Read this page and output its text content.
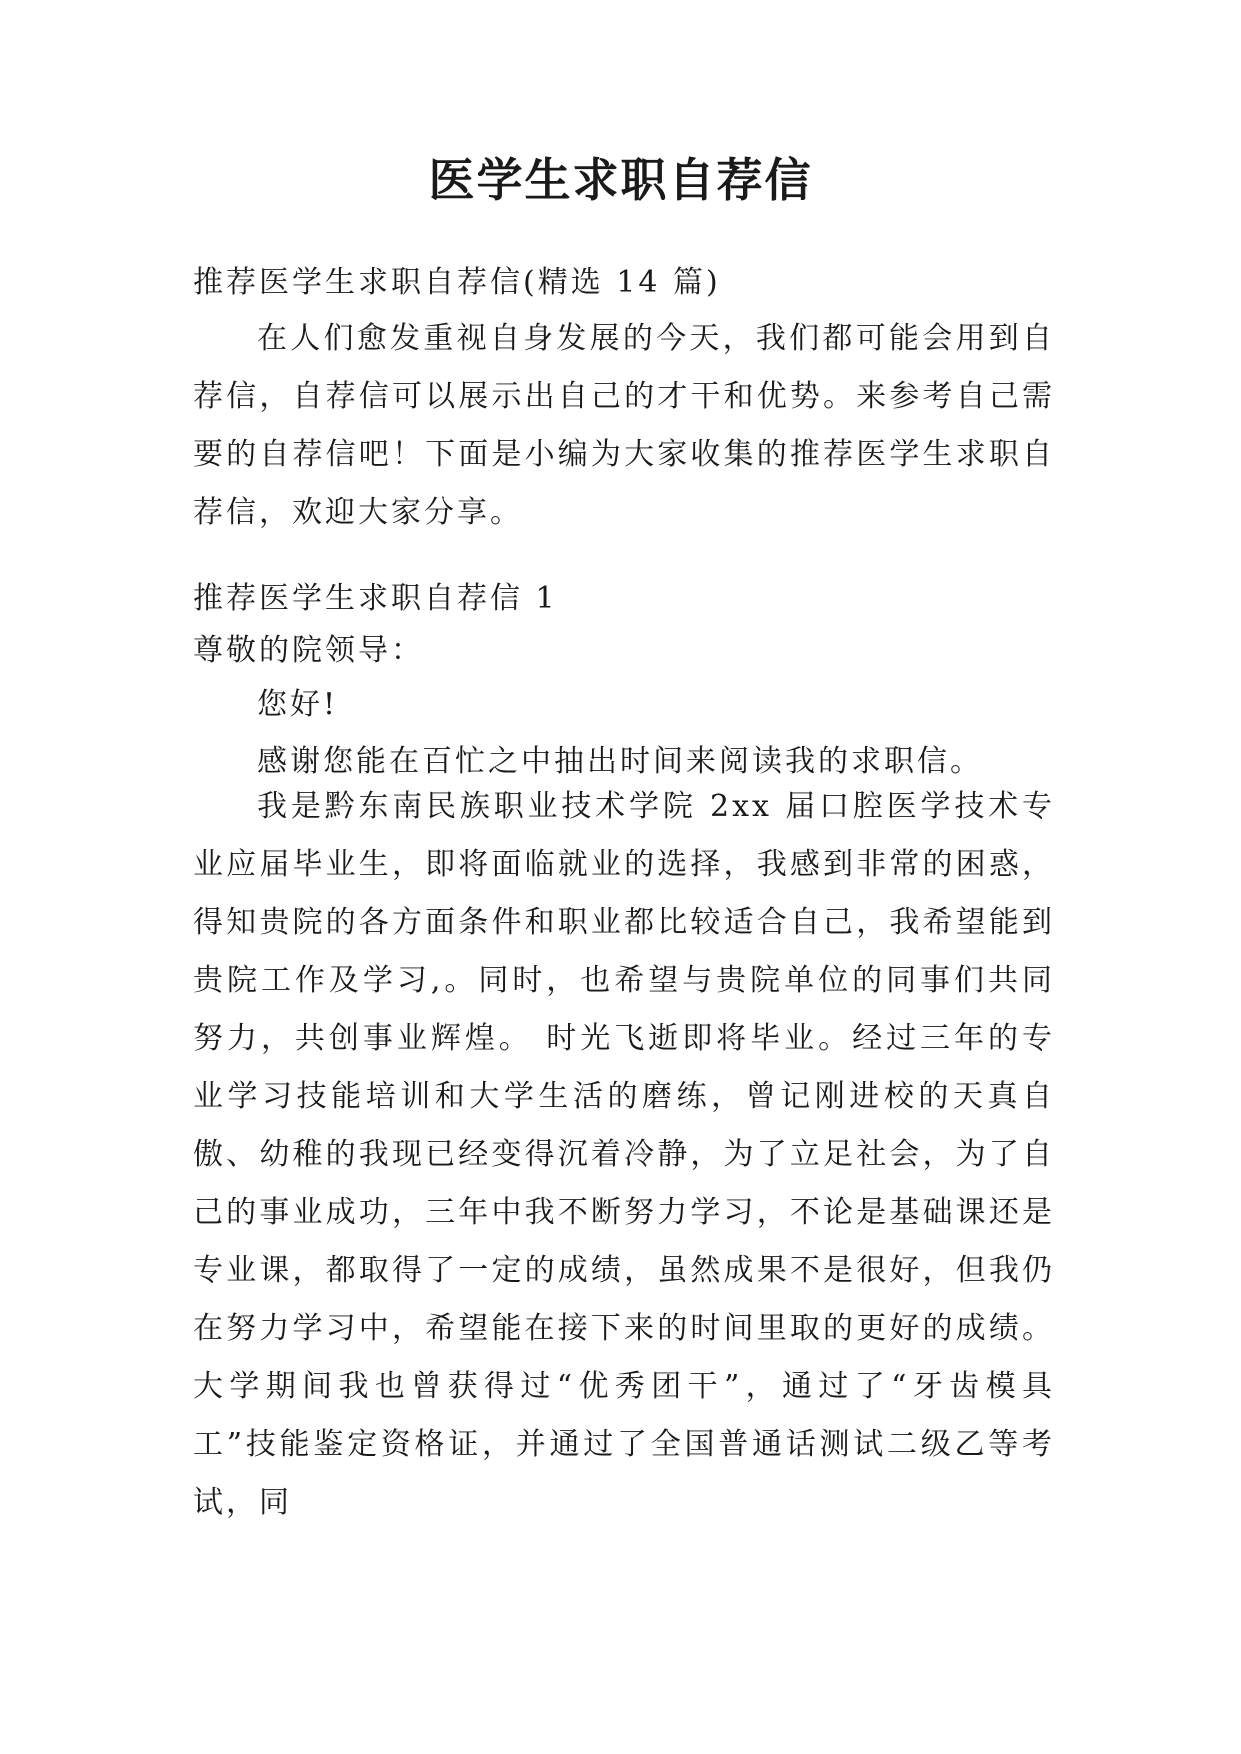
医学生求职自荐信

推荐医学生求职自荐信(精选 14 篇)

在人们愈发重视自身发展的今天，我们都可能会用到自荐信，自荐信可以展示出自己的才干和优势。来参考自己需要的自荐信吧！下面是小编为大家收集的推荐医学生求职自荐信，欢迎大家分享。

推荐医学生求职自荐信 1

尊敬的院领导：

您好!

感谢您能在百忙之中抽出时间来阅读我的求职信。

我是黔东南民族职业技术学院 2xx 届口腔医学技术专业应届毕业生，即将面临就业的选择，我感到非常的困惑，得知贵院的各方面条件和职业都比较适合自己，我希望能到贵院工作及学习,。同时，也希望与贵院单位的同事们共同努力，共创事业辉煌。 时光飞逝即将毕业。经过三年的专业学习技能培训和大学生活的磨练，曾记刚进校的天真自傲、幼稚的我现已经变得沉着冷静，为了立足社会，为了自己的事业成功，三年中我不断努力学习，不论是基础课还是专业课，都取得了一定的成绩，虽然成果不是很好，但我仍在努力学习中，希望能在接下来的时间里取的更好的成绩。大学期间我也曾获得过“优秀团干”，通过了“牙齿模具工”技能鉴定资格证，并通过了全国普通话测试二级乙等考试，同
